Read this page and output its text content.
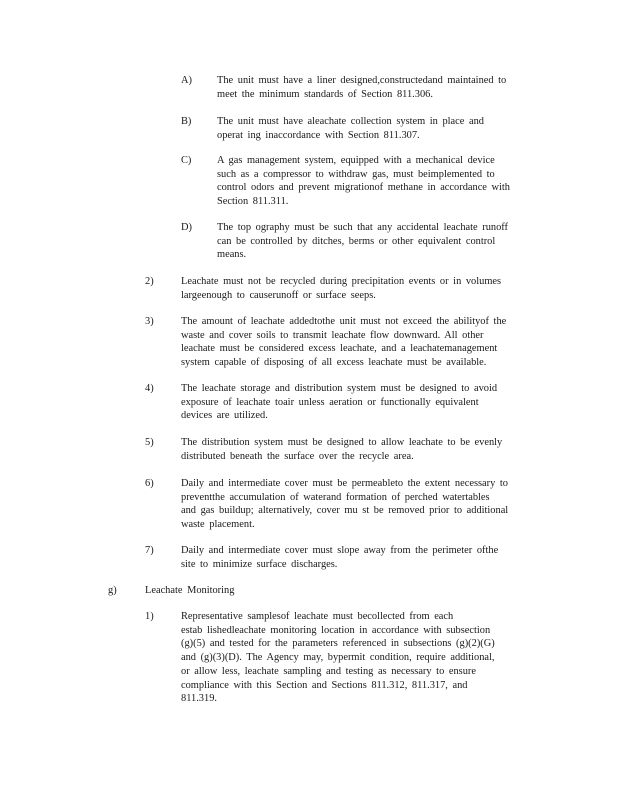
A) The unit must have a liner designed,constructedand maintained to
meet the minimum standards of Section 811.306.
B) The unit must have aleachate collection system in place and
operat ing inaccordance with Section 811.307.
C) A gas management system, equipped with a mechanical device
such as a compressor to withdraw gas, must beimplemented to
control odors and prevent migrationof methane in accordance with
Section 811.311.
D) The top ography must be such that any accidental leachate runoff
can be controlled by ditches, berms or other equivalent control
means.
2)	Leachate must not be recycled during precipitation events or in volumes
largeenough to causerunoff or surface seeps.
3)	The amount of leachate addedtothe unit must not exceed the abilityof the
waste and cover soils to transmit leachate flow downward. All other
leachate must be considered excess leachate, and a leachatemanagement
system capable of disposing of all excess leachate must be available.
4)	The leachate storage and distribution system must be designed to avoid
exposure of leachate toair unless aeration or functionally equivalent
devices are utilized.
5)	The distribution system must be designed to allow leachate to be evenly
distributed beneath the surface over the recycle area.
6)	Daily and intermediate cover must be permeableto the extent necessary to
preventthe accumulation of waterand formation of perched watertables
and gas buildup; alternatively, cover mu st be removed prior to additional
waste placement.
7)	Daily and intermediate cover must slope away from the perimeter ofthe
site to minimize surface discharges.
g)	Leachate Monitoring
1)	Representative samplesof leachate must becollected from each
estab lishedleachate monitoring location in accordance with subsection
(g)(5) and tested for the parameters referenced in subsections (g)(2)(G)
and (g)(3)(D). The Agency may, bypermit condition, require additional,
or allow less, leachate sampling and testing as necessary to ensure
compliance with this Section and Sections 811.312, 811.317, and
811.319.
